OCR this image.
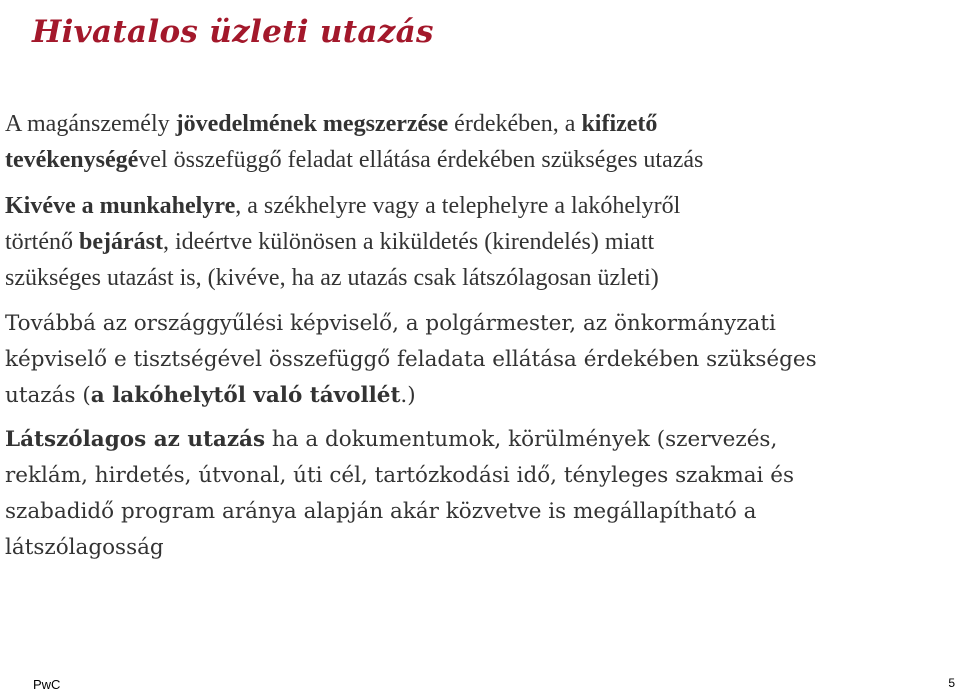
Hivatalos üzleti utazás
A magánszemély jövedelmének megszerzése érdekében, a kifizető
tevékenységével összefüggő feladat ellátása érdekében szükséges utazás
Kivéve a munkahelyre, a székhelyre vagy a telephelyre a lakóhelyről
történő bejárást, ideértve különösen a kiküldetés (kirendelés) miatt
szükséges utazást is, (kivéve, ha az utazás csak látszólagosan üzleti)
Továbbá az országgyűlési képviselő, a polgármester, az önkormányzati
képviselő e tisztségével összefüggő feladata ellátása érdekében szükséges
utazás (a lakóhelytől való távollét.)
Látszólagos az utazás ha a dokumentumok, körülmények (szervezés,
reklám, hirdetés, útvonal, úti cél, tartózkodási idő, tényleges szakmai és
szabadidő program aránya alapján akár közvetve is megállapítható a
látszólagosság
PwC	5
